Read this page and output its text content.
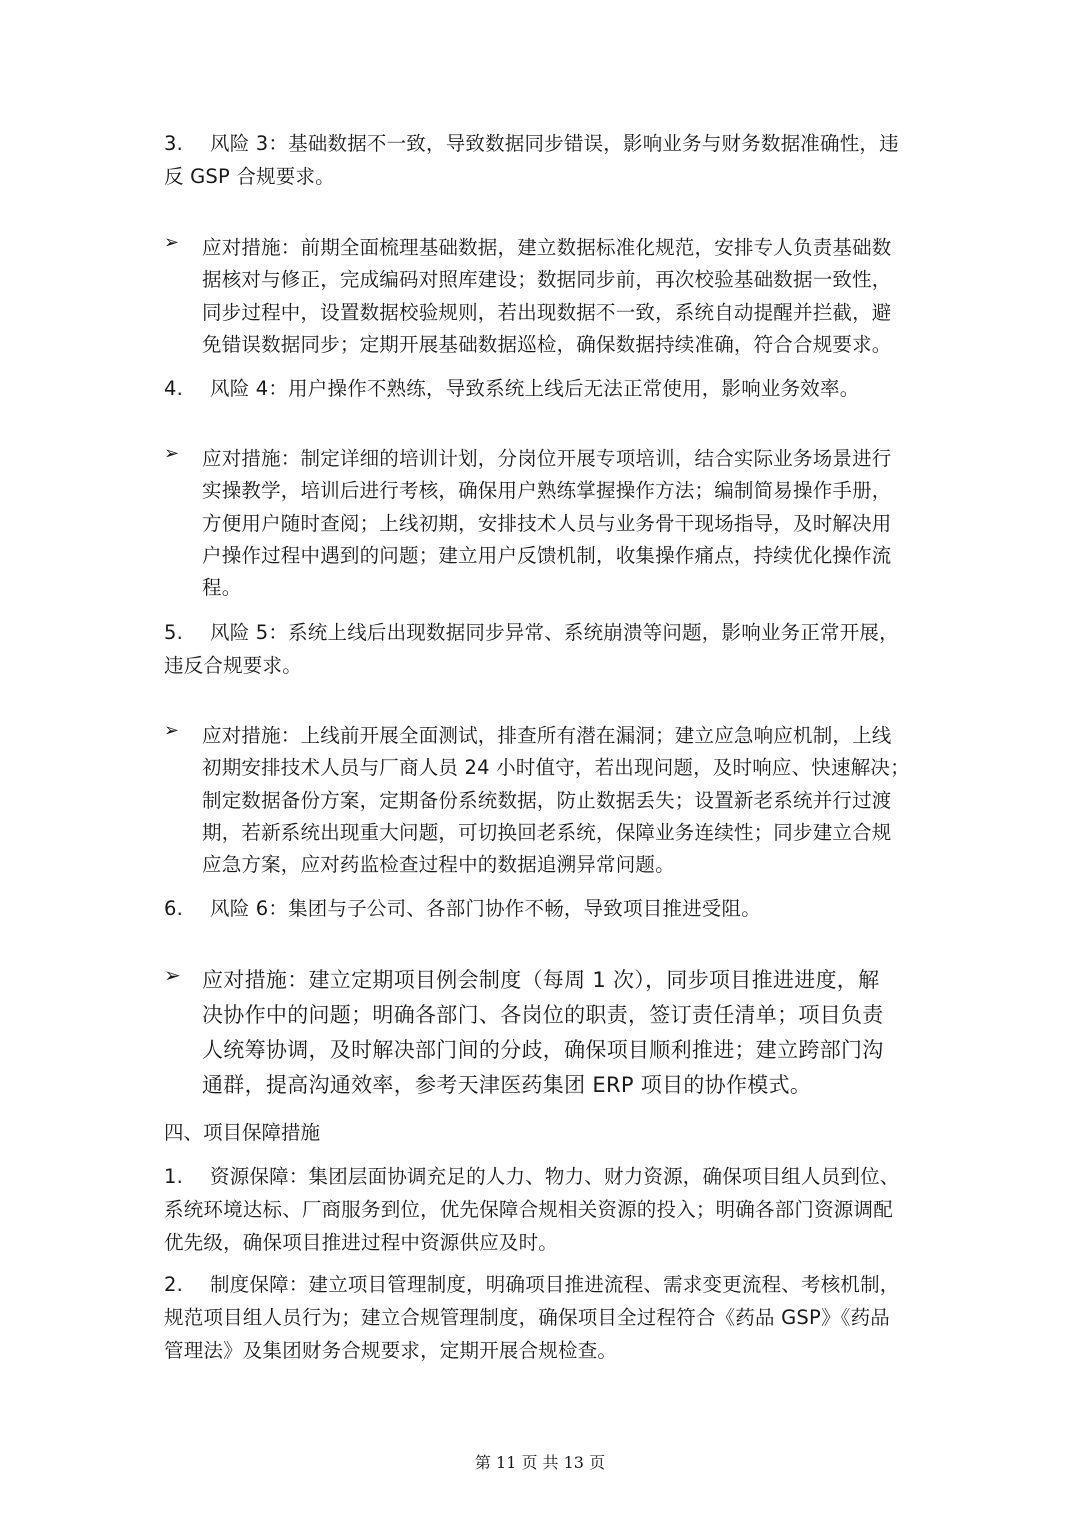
3. 风险 3：基础数据不一致，导致数据同步错误，影响业务与财务数据准确性，违
反 GSP 合规要求。
➢	应对措施：前期全面梳理基础数据，建立数据标准化规范，安排专人负责基础数
据核对与修正，完成编码对照库建设；数据同步前，再次校验基础数据一致性，
同步过程中，设置数据校验规则，若出现数据不一致，系统自动提醒并拦截，避
免错误数据同步；定期开展基础数据巡检，确保数据持续准确，符合合规要求。
4. 风险 4：用户操作不熟练，导致系统上线后无法正常使用，影响业务效率。
➢	应对措施：制定详细的培训计划，分岗位开展专项培训，结合实际业务场景进行
实操教学，培训后进行考核，确保用户熟练掌握操作方法；编制简易操作手册，
方便用户随时查阅；上线初期，安排技术人员与业务骨干现场指导，及时解决用
户操作过程中遇到的问题；建立用户反馈机制，收集操作痛点，持续优化操作流
程。
5. 风险 5：系统上线后出现数据同步异常、系统崩溃等问题，影响业务正常开展，
违反合规要求。
➢	应对措施：上线前开展全面测试，排查所有潜在漏洞；建立应急响应机制，上线
初期安排技术人员与厂商人员 24 小时值守，若出现问题，及时响应、快速解决；
制定数据备份方案，定期备份系统数据，防止数据丢失；设置新老系统并行过渡
期，若新系统出现重大问题，可切换回老系统，保障业务连续性；同步建立合规
应急方案，应对药监检查过程中的数据追溯异常问题。
6. 风险 6：集团与子公司、各部门协作不畅，导致项目推进受阻。
➢	应对措施：建立定期项目例会制度（每周 1 次），同步项目推进进度，解
决协作中的问题；明确各部门、各岗位的职责，签订责任清单；项目负责
人统筹协调，及时解决部门间的分歧，确保项目顺利推进；建立跨部门沟
通群，提高沟通效率，参考天津医药集团 ERP 项目的协作模式。
四、项目保障措施
1. 资源保障：集团层面协调充足的人力、物力、财力资源，确保项目组人员到位、
系统环境达标、厂商服务到位，优先保障合规相关资源的投入；明确各部门资源调配
优先级，确保项目推进过程中资源供应及时。
2. 制度保障：建立项目管理制度，明确项目推进流程、需求变更流程、考核机制，
规范项目组人员行为；建立合规管理制度，确保项目全过程符合《药品 GSP》《药品
管理法》及集团财务合规要求，定期开展合规检查。
第 11 页 共 13 页
